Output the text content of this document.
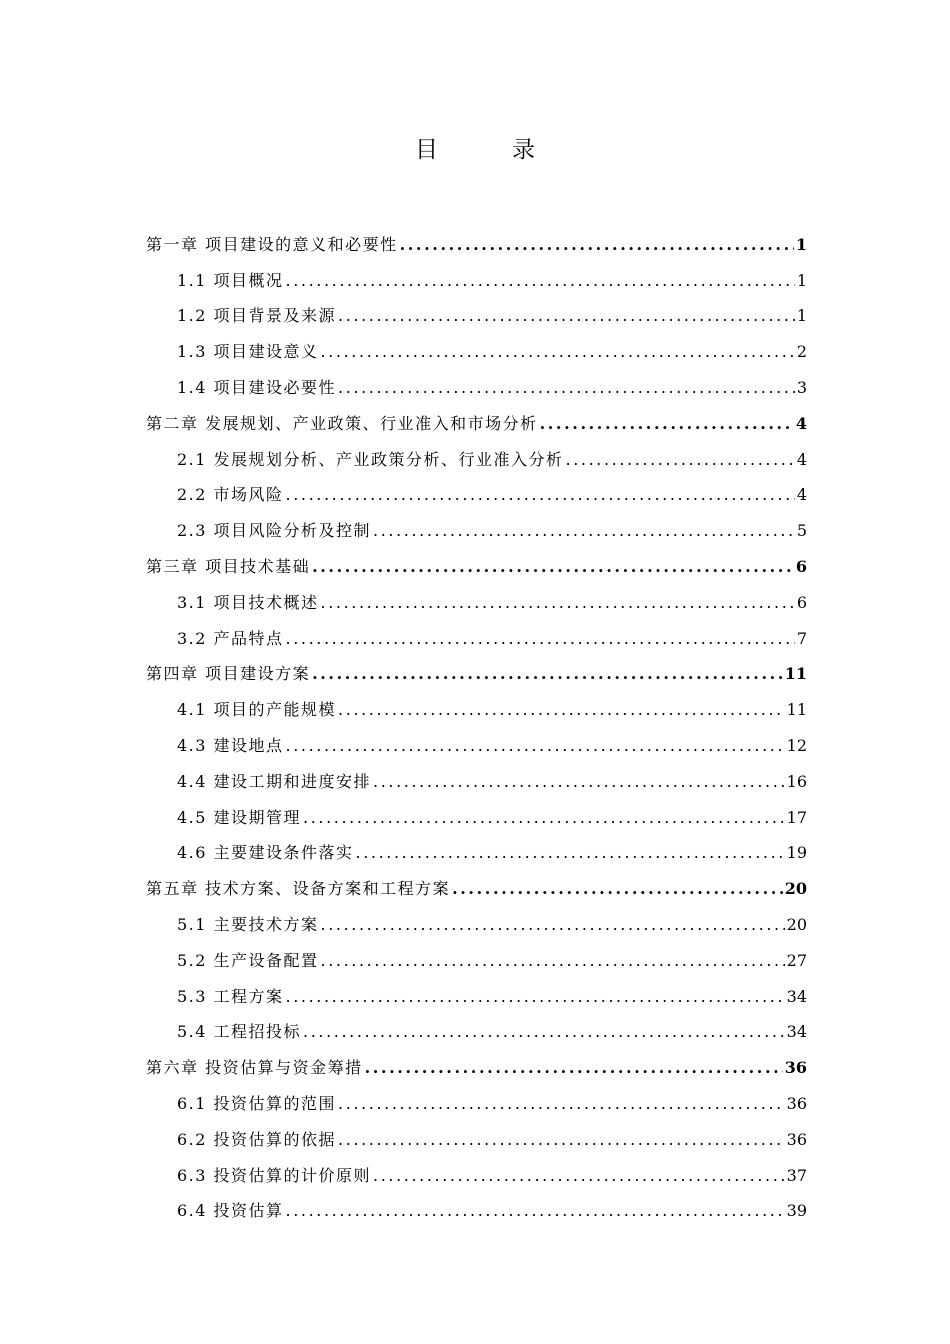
目	录
第一章 项目建设的意义和必要性 .....	1
1.1 项目概况 .....	1
1.2 项目背景及来源 .....	1
1.3 项目建设意义 .....	2
1.4 项目建设必要性 .....	3
第二章 发展规划、产业政策、行业准入和市场分析 .....	4
2.1 发展规划分析、产业政策分析、行业准入分析 .....	4
2.2 市场风险 .....	4
2.3 项目风险分析及控制 .....	5
第三章 项目技术基础 .....	6
3.1 项目技术概述 .....	6
3.2 产品特点 .....	7
第四章 项目建设方案 .....	11
4.1 项目的产能规模 .....	11
4.3 建设地点 .....	12
4.4 建设工期和进度安排 .....	16
4.5 建设期管理 .....	17
4.6 主要建设条件落实 .....	19
第五章 技术方案、设备方案和工程方案 .....	20
5.1 主要技术方案 .....	20
5.2 生产设备配置 .....	27
5.3 工程方案 .....	34
5.4 工程招投标 .....	34
第六章 投资估算与资金筹措 .....	36
6.1 投资估算的范围 .....	36
6.2 投资估算的依据 .....	36
6.3 投资估算的计价原则 .....	37
6.4 投资估算 .....	39
